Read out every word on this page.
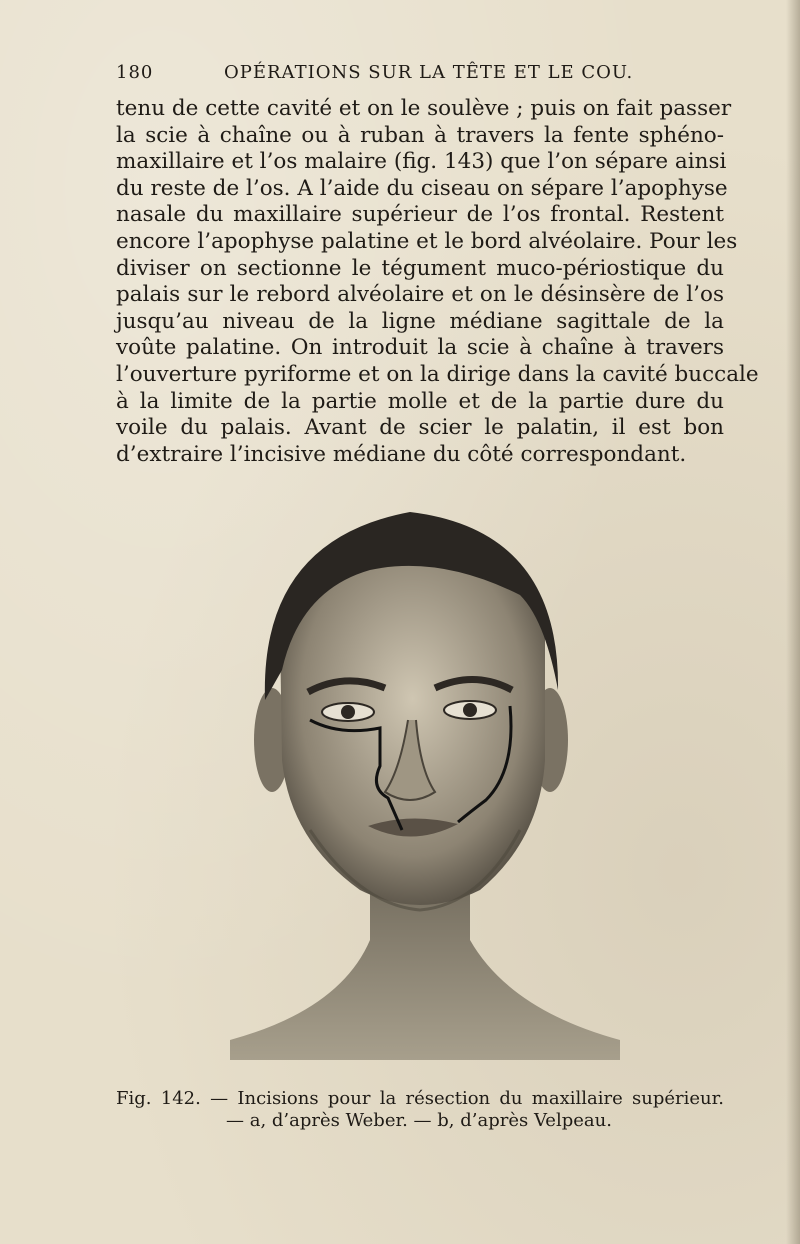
180	OPÉRATIONS SUR LA TÊTE ET LE COU.
tenu de cette cavité et on le soulève ; puis on fait passer
la scie à chaîne ou à ruban à travers la fente sphéno-
maxillaire et l’os malaire (fig. 143) que l’on sépare ainsi
du reste de l’os. A l’aide du ciseau on sépare l’apophyse
nasale du maxillaire supérieur de l’os frontal. Restent
encore l’apophyse palatine et le bord alvéolaire. Pour les
diviser on sectionne le tégument muco-périostique du
palais sur le rebord alvéolaire et on le désinsère de l’os
jusqu’au niveau de la ligne médiane sagittale de la
voûte palatine. On introduit la scie à chaîne à travers
l’ouverture pyriforme et on la dirige dans la cavité buccale
à la limite de la partie molle et de la partie dure du
voile du palais. Avant de scier le palatin, il est bon
d’extraire l’incisive médiane du côté correspondant.
Fig. 142. — Incisions pour la résection du maxillaire supérieur.
— a, d’après Weber. — b, d’après Velpeau.
